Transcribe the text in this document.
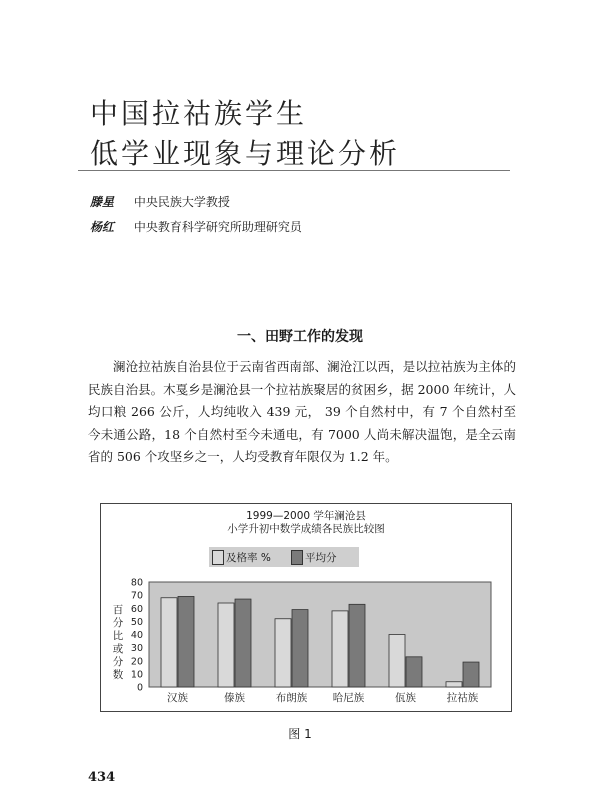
中国拉祜族学生
低学业现象与理论分析
滕星 中央民族大学教授
杨红 中央教育科学研究所助理研究员
一、田野工作的发现
澜沧拉祜族自治县位于云南省西南部、澜沧江以西，是以拉祜族为主体的民族自治县。木戛乡是澜沧县一个拉祜族聚居的贫困乡，据 2000 年统计，人均口粮 266 公斤，人均纯收入 439 元， 39 个自然村中，有 7 个自然村至今未通公路，18 个自然村至今未通电，有 7000 人尚未解决温饱，是全云南省的 506 个攻坚乡之一，人均受教育年限仅为 1.2 年。
0
10
20
30
40
50
60
70
80
汉族	傣族	布朗族 哈尼族	佤族	拉祜族
1999—2000 学年澜沧县
小学升初中数学成绩各民族比较图
及格率 %	平均分
百分比或分数
图 1
434
